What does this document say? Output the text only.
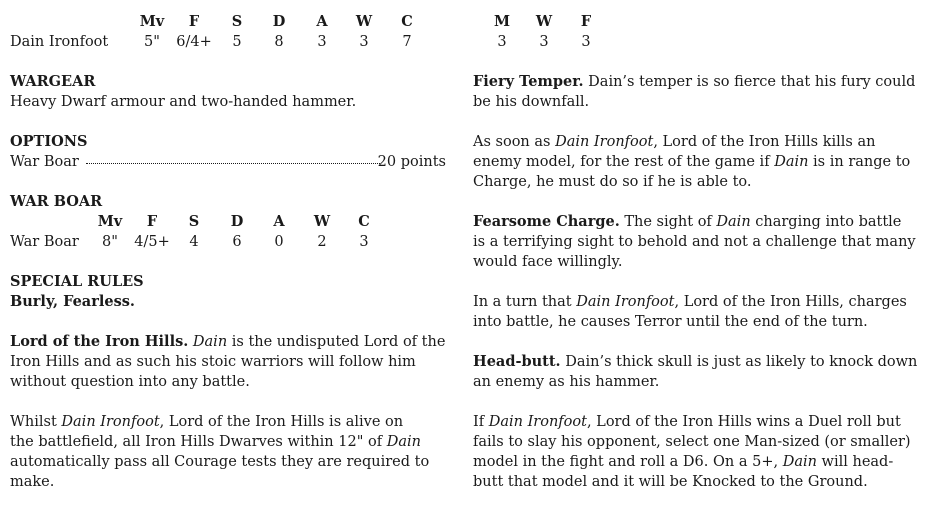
Mv	F	S	D	A	W	C
Dain Ironfoot	5"	6/4+	5	8	3	3	7
M	W	F
3	3	3
WARGEAR
Heavy Dwarf armour and two-handed hammer.
OPTIONS
War Boar	20 points
WAR BOAR
Mv	F	S	D	A	W	C
War Boar	8"	4/5+	4	6	0	2	3
SPECIAL RULES
Burly, Fearless.

Lord of the Iron Hills. Dain is the undisputed Lord of the Iron Hills and as such his stoic warriors will follow him without question into any battle.

Whilst Dain Ironfoot, Lord of the Iron Hills is alive on
the battlefield, all Iron Hills Dwarves within 12" of Dain
automatically pass all Courage tests they are required to make.

Fiery Temper. Dain’s temper is so fierce that his fury could be his downfall.

As soon as Dain Ironfoot, Lord of the Iron Hills kills an enemy model, for the rest of the game if Dain is in range to Charge, he must do so if he is able to.

Fearsome Charge. The sight of Dain charging into battle is a terrifying sight to behold and not a challenge that many would face willingly.

In a turn that Dain Ironfoot, Lord of the Iron Hills, charges into battle, he causes Terror until the end of the turn.

Head-butt. Dain’s thick skull is just as likely to knock down an enemy as his hammer.

If Dain Ironfoot, Lord of the Iron Hills wins a Duel roll but fails to slay his opponent, select one Man-sized (or smaller) model in the fight and roll a D6. On a 5+, Dain will head-butt that model and it will be Knocked to the Ground.
